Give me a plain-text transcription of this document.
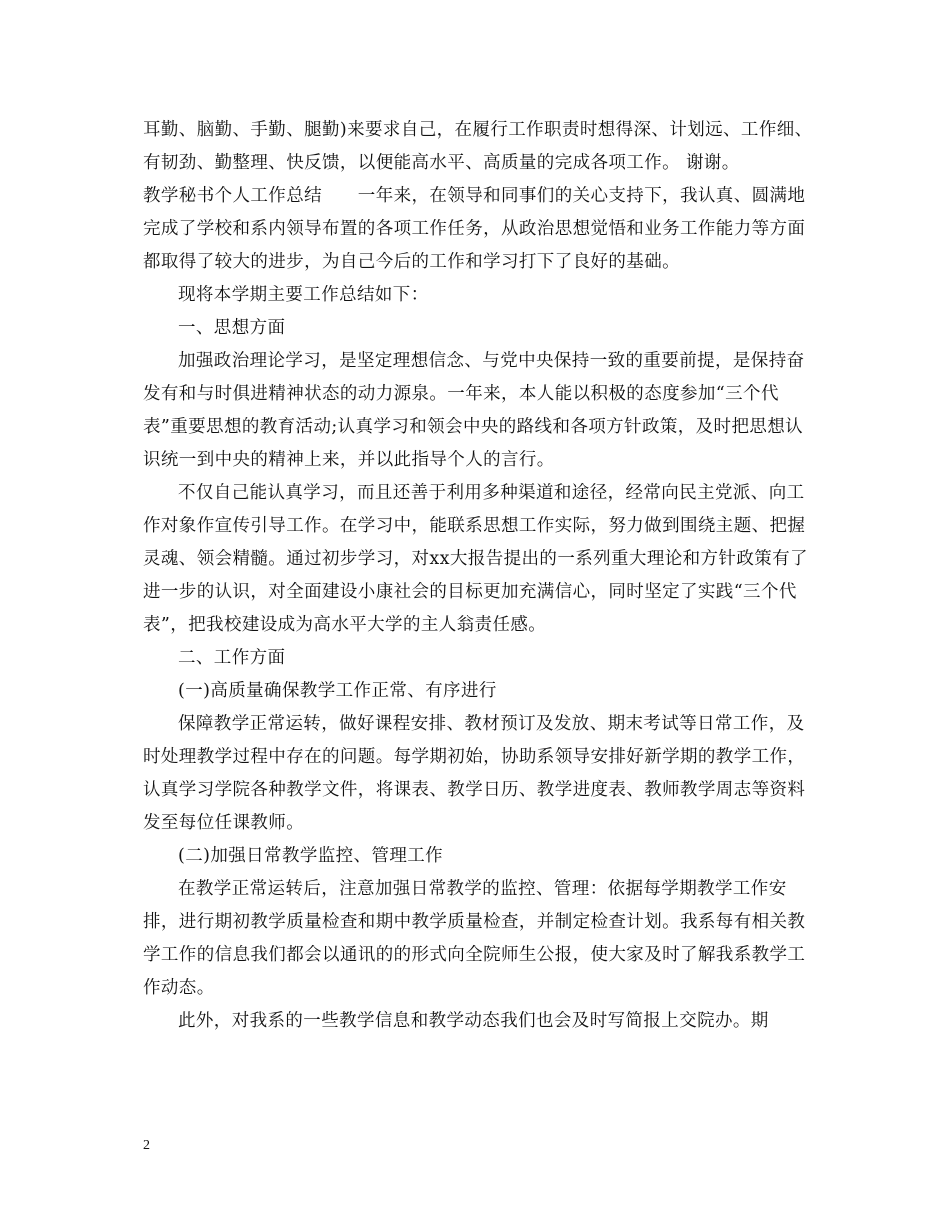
耳勤、脑勤、手勤、腿勤)来要求自己，在履行工作职责时想得深、计划远、工作细、有韧劲、勤整理、快反馈，以便能高水平、高质量的完成各项工作。 谢谢。

教学秘书个人工作总结　　一年来，在领导和同事们的关心支持下，我认真、圆满地完成了学校和系内领导布置的各项工作任务，从政治思想觉悟和业务工作能力等方面都取得了较大的进步，为自己今后的工作和学习打下了良好的基础。

现将本学期主要工作总结如下：

一、思想方面

加强政治理论学习，是坚定理想信念、与党中央保持一致的重要前提，是保持奋发有和与时俱进精神状态的动力源泉。一年来，本人能以积极的态度参加“三个代表”重要思想的教育活动;认真学习和领会中央的路线和各项方针政策，及时把思想认识统一到中央的精神上来，并以此指导个人的言行。

不仅自己能认真学习，而且还善于利用多种渠道和途径，经常向民主党派、向工作对象作宣传引导工作。在学习中，能联系思想工作实际，努力做到围绕主题、把握灵魂、领会精髓。通过初步学习，对xx大报告提出的一系列重大理论和方针政策有了进一步的认识，对全面建设小康社会的目标更加充满信心，同时坚定了实践“三个代表”，把我校建设成为高水平大学的主人翁责任感。

二、工作方面

(一)高质量确保教学工作正常、有序进行

保障教学正常运转，做好课程安排、教材预订及发放、期末考试等日常工作，及时处理教学过程中存在的问题。每学期初始，协助系领导安排好新学期的教学工作，认真学习学院各种教学文件，将课表、教学日历、教学进度表、教师教学周志等资料发至每位任课教师。

(二)加强日常教学监控、管理工作

在教学正常运转后，注意加强日常教学的监控、管理：依据每学期教学工作安排，进行期初教学质量检查和期中教学质量检查，并制定检查计划。我系每有相关教学工作的信息我们都会以通讯的的形式向全院师生公报，使大家及时了解我系教学工作动态。

此外，对我系的一些教学信息和教学动态我们也会及时写简报上交院办。期

2
